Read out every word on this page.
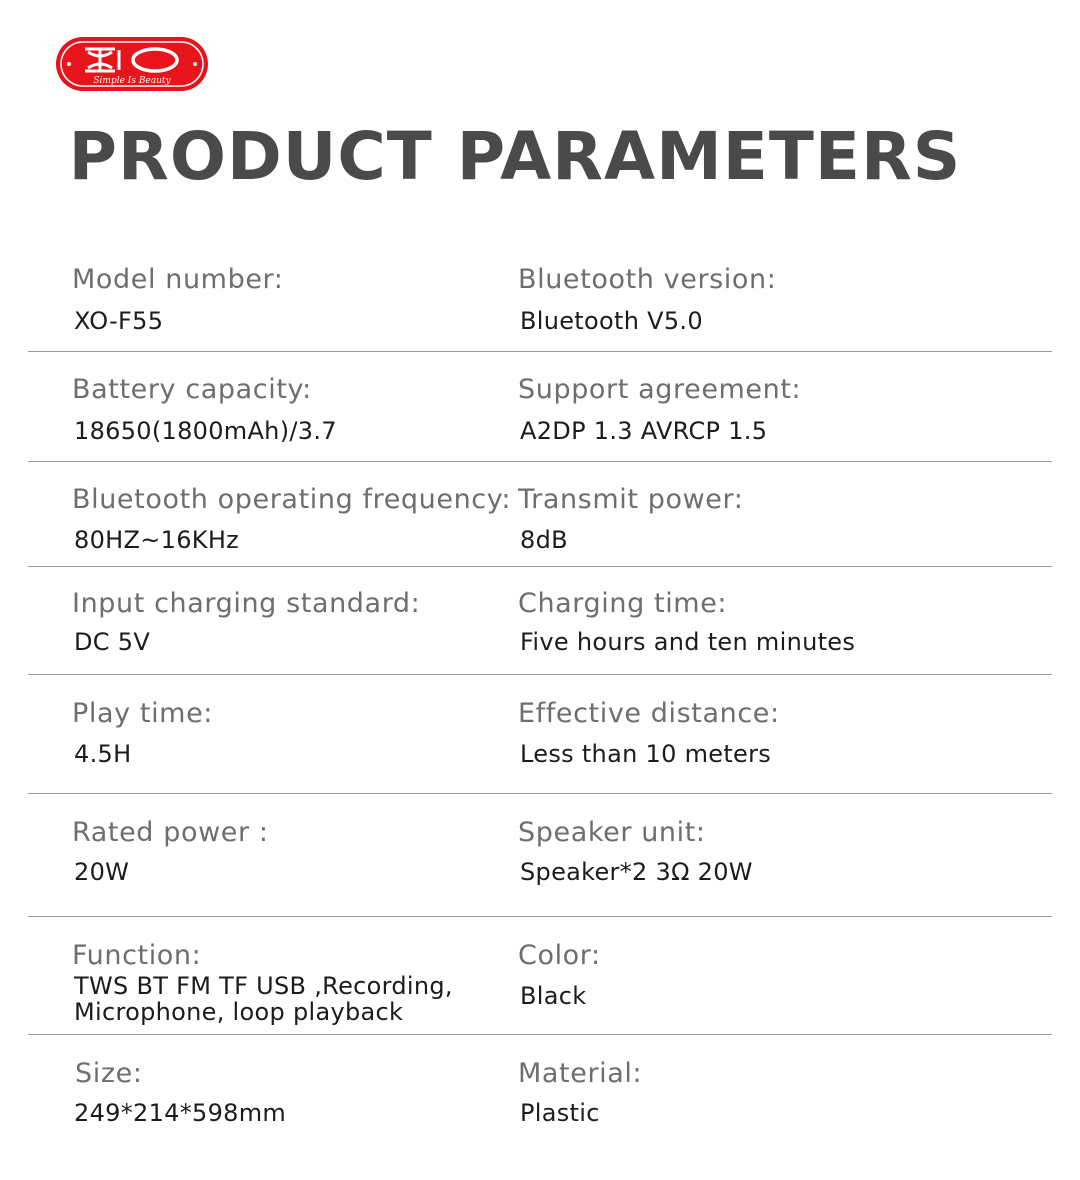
Simple Is Beauty
PRODUCT PARAMETERS
Model number:
XO-F55
Bluetooth version:
Bluetooth V5.0
Battery capacity:
18650(1800mAh)/3.7
Support agreement:
A2DP 1.3 AVRCP 1.5
Bluetooth operating frequency:
80HZ~16KHz
Transmit power:
8dB
Input charging standard:
DC 5V
Charging time:
Five hours and ten minutes
Play time:
4.5H
Effective distance:
Less than 10 meters
Rated power :
20W
Speaker unit:
Speaker*2 3Ω 20W
Function:
TWS BT FM TF USB ,Recording, Microphone, loop playback
Color:
Black
Size:
249*214*598mm
Material:
Plastic
